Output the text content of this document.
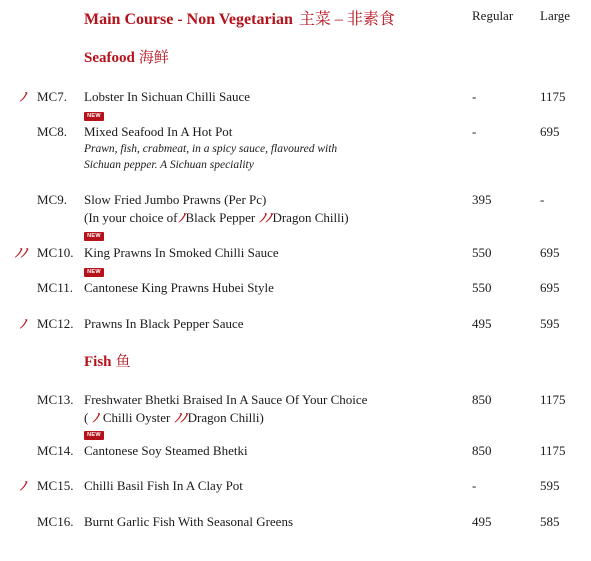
Main Course - Non Vegetarian 主菜 – 非素食	Regular Large
Seafood 海鲜
ﾉ MC7. Lobster In Sichuan Chilli Sauce	-	1175
NEW
MC8. Mixed Seafood In A Hot Pot
Prawn, fish, crabmeat, in a spicy sauce, flavoured with
Sichuan pepper. A Sichuan speciality
-	695
MC9. Slow Fried Jumbo Prawns (Per Pc)
(In your choice ofﾉBlack Pepper ﾉﾉDragon Chilli)
395	-
NEW
ﾉﾉ MC10. King Prawns In Smoked Chilli Sauce	550	695
NEW
MC11. Cantonese King Prawns Hubei Style	550	695
ﾉ MC12. Prawns In Black Pepper Sauce	495	595
Fish 鱼
MC13. Freshwater Bhetki Braised In A Sauce Of Your Choice
( ﾉ Chilli Oyster ﾉﾉDragon Chilli)
850	1175
NEW
MC14. Cantonese Soy Steamed Bhetki	850	1175
ﾉ MC15. Chilli Basil Fish In A Clay Pot	-	595
MC16. Burnt Garlic Fish With Seasonal Greens	495	585
